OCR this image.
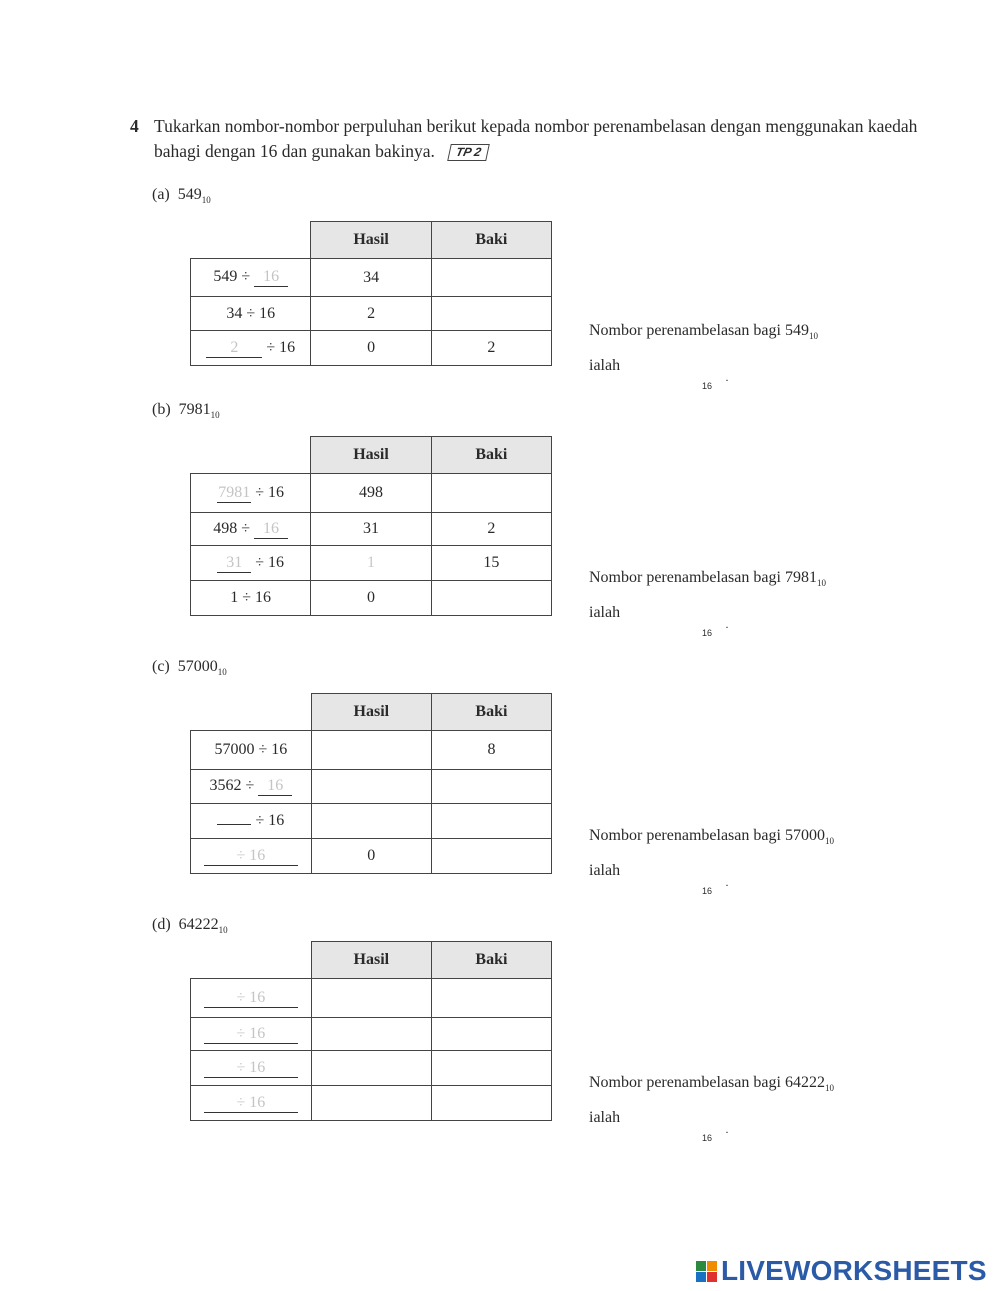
4 Tukarkan nombor-nombor perpuluhan berikut kepada nombor perenambelasan dengan menggunakan kaedah bahagi dengan 16 dan gunakan bakinya. TP 2
(a) $549_{10}$
	Hasil	Baki
549 ÷ 16	34	
34 ÷ 16	2	
2 ÷ 16	0	2
Nombor perenambelasan bagi $549_{10}$
ialah
16 ·
(b) $7981_{10}$
	Hasil	Baki
7981 ÷ 16	498	
498 ÷ 16	31	2
31 ÷ 16	1	15
1 ÷ 16	0	
Nombor perenambelasan bagi $7981_{10}$
ialah
16 ·
(c) $57000_{10}$
	Hasil	Baki
57000 ÷ 16		8
3562 ÷ 16		
÷ 16		
÷ 16	0	
Nombor perenambelasan bagi $57000_{10}$
ialah
16 ·
(d) $64222_{10}$
	Hasil	Baki
÷ 16		
÷ 16		
÷ 16		
÷ 16		
Nombor perenambelasan bagi $64222_{10}$
ialah
16 ·
LIVEWORKSHEETS
